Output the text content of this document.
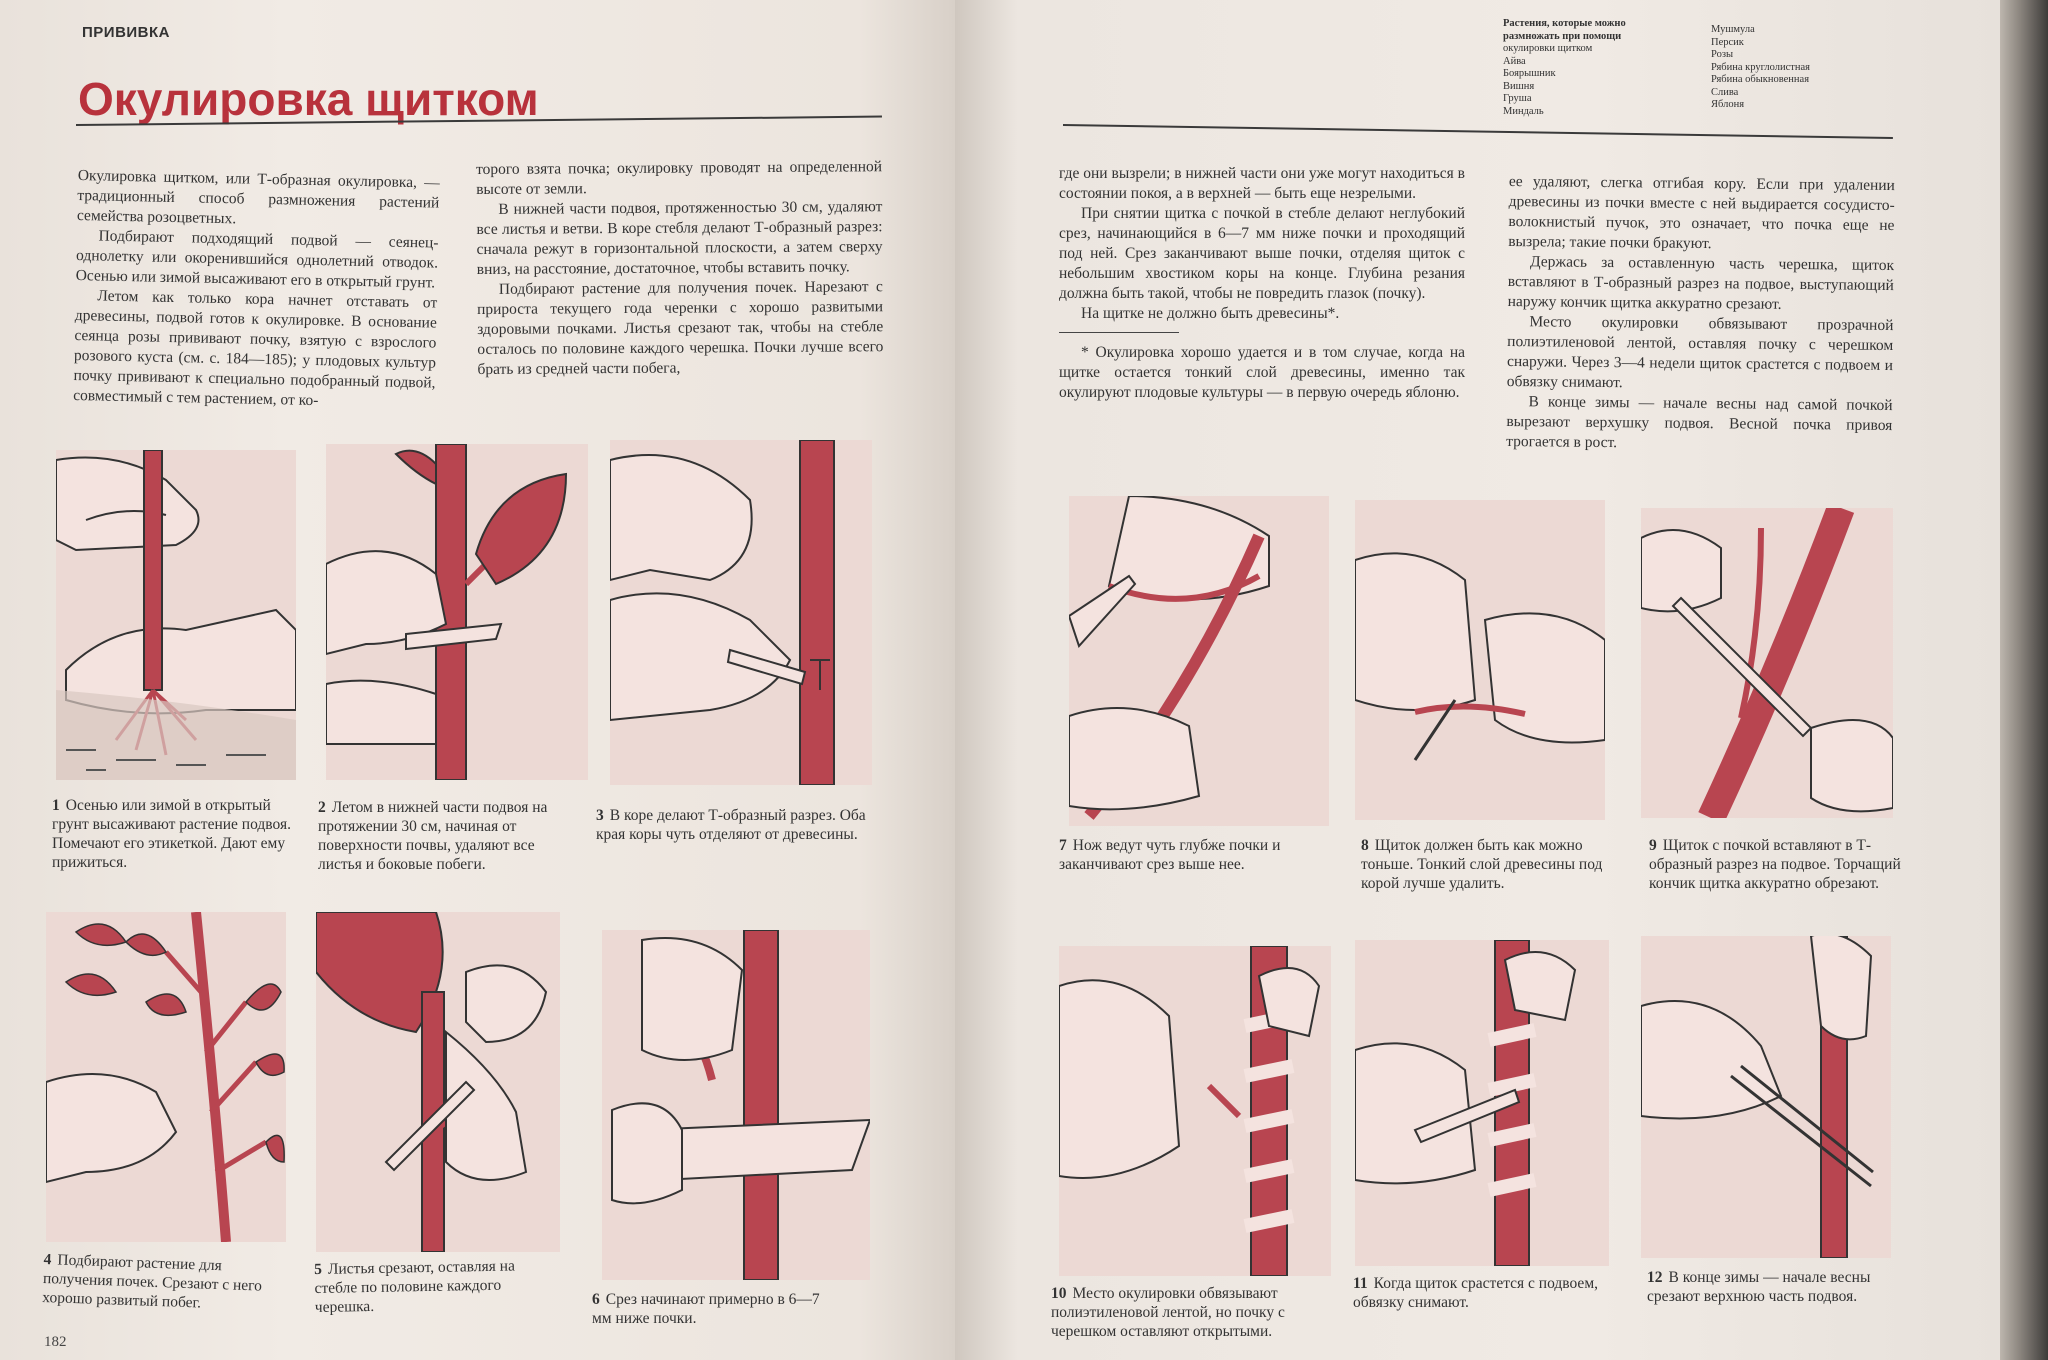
ПРИВИВКА
Окулировка щитком

Окулировка щитком, или Т-образная окулировка, — традиционный способ размножения растений семейства розоцветных.

Подбирают подходящий подвой — сеянец-однолетку или окоренившийся однолетний отводок. Осенью или зимой высаживают его в открытый грунт.

Летом как только кора начнет отставать от древесины, подвой готов к окулировке. В основание сеянца розы прививают почку, взятую с взрослого розового куста (см. с. 184—185); у плодовых культур почку прививают к специально подобранный подвой, совместимый с тем растением, от ко-

торого взята почка; окулировку проводят на определенной высоте от земли.

В нижней части подвоя, протяженностью 30 см, удаляют все листья и ветви. В коре стебля делают Т-образный разрез: сначала режут в горизонтальной плоскости, а затем сверху вниз, на расстояние, достаточное, чтобы вставить почку.

Подбирают растение для получения почек. Нарезают с прироста текущего года черенки с хорошо развитыми здоровыми почками. Листья срезают так, чтобы на стебле осталось по половине каждого черешка. Почки лучше всего брать из средней части побега,

1 Осенью или зимой в открытый грунт высаживают растение подвоя. Помечают его этикеткой. Дают ему прижиться.
2 Летом в нижней части подвоя на протяжении 30 см, начиная от поверхности почвы, удаляют все листья и боковые побеги.
3 В коре делают Т-образный разрез. Оба края коры чуть отделяют от древесины.
4 Подбирают растение для получения почек. Срезают с него хорошо развитый побег.
5 Листья срезают, оставляя на стебле по половине каждого черешка.	6 Срез начинают примерно в 6—7 мм ниже почки.
182
Растения, которые можно
размножать при помощи
окулировки щитком
Айва
Боярышник
Вишня
Груша
Миндаль
Мушмула
Персик
Розы
Рябина круглолистная
Рябина обыкновенная
Слива
Яблоня

где они вызрели; в нижней части они уже могут находиться в состоянии покоя, а в верхней — быть еще незрелыми.

При снятии щитка с почкой в стебле делают неглубокий срез, начинающийся в 6—7 мм ниже почки и проходящий под ней. Срез заканчивают выше почки, отделяя щиток с небольшим хвостиком коры на конце. Глубина резания должна быть такой, чтобы не повредить глазок (почку).

На щитке не должно быть древесины*.

* Окулировка хорошо удается и в том случае, когда на щитке остается тонкий слой древесины, именно так окулируют плодовые культуры — в первую очередь яблоню.

ее удаляют, слегка отгибая кору. Если при удалении древесины из почки вместе с ней выдирается сосудисто-волокнистый пучок, это означает, что почка еще не вызрела; такие почки бракуют.

Держась за оставленную часть черешка, щиток вставляют в Т-образный разрез на подвое, выступающий наружу кончик щитка аккуратно срезают.

Место окулировки обвязывают прозрачной полиэтиленовой лентой, оставляя почку с черешком снаружи. Через 3—4 недели щиток срастется с подвоем и обвязку снимают.

В конце зимы — начале весны над самой почкой вырезают верхушку подвоя. Весной почка привоя трогается в рост.

7 Нож ведут чуть глубже почки и заканчивают срез выше нее.
8 Щиток должен быть как можно тоньше. Тонкий слой древесины под корой лучше удалить.
9 Щиток с почкой вставляют в Т-образный разрез на подвое. Торчащий кончик щитка аккуратно обрезают.
10 Место окулировки обвязывают полиэтиленовой лентой, но почку с черешком оставляют открытыми.
11 Когда щиток срастется с подвоем, обвязку снимают.
12 В конце зимы — начале весны срезают верхнюю часть подвоя.
